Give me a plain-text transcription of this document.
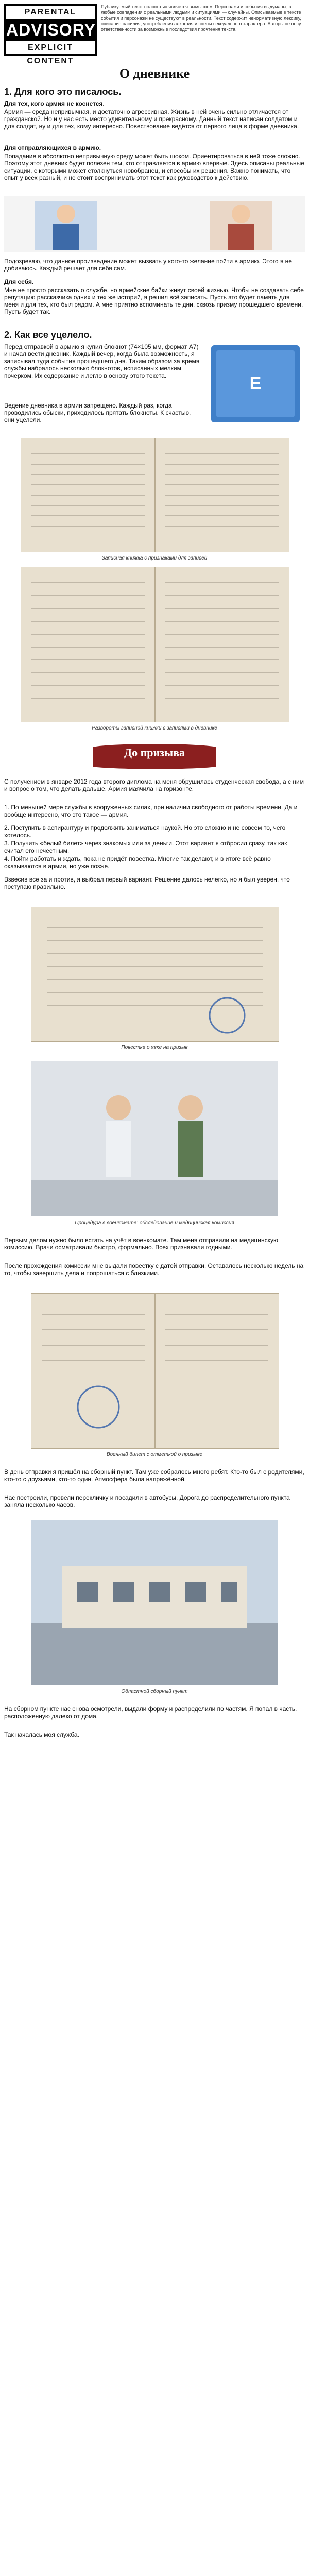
PARENTAL
ADVISORY
EXPLICIT CONTENT
Публикуемый текст полностью является вымыслом. Персонажи и события выдуманы, а любые совпадения с реальными людьми и ситуациями — случайны. Описываемые в тексте события и персонажи не существуют в реальности. Текст содержит ненормативную лексику, описание насилия, употребления алкоголя и сцены сексуального характера. Авторы не несут ответственности за возможные последствия прочтения текста.
О дневнике
1. Для кого это писалось.
Для тех, кого армия не коснется.
Армия — среда непривычная, и достаточно агрессивная. Жизнь в ней очень сильно отличается от гражданской. Но и у нас есть место удивительному и прекрасному. Данный текст написан солдатом и для солдат, ну и для тех, кому интересно. Повествование ведётся от первого лица в форме дневника.
Для отправляющихся в армию.
Попадание в абсолютно непривычную среду может быть шоком. Ориентироваться в ней тоже сложно. Поэтому этот дневник будет полезен тем, кто отправляется в армию впервые. Здесь описаны реальные ситуации, с которыми может столкнуться новобранец, и способы их решения. Важно понимать, что опыт у всех разный, и не стоит воспринимать этот текст как руководство к действию.
Подозреваю, что данное произведение может вызвать у кого-то желание пойти в армию. Этого я не добиваюсь. Каждый решает для себя сам.
Для себя.
Мне не просто рассказать о службе, но армейские байки живут своей жизнью. Чтобы не создавать себе репутацию рассказчика одних и тех же историй, я решил всё записать. Пусть это будет память для меня и для тех, кто был рядом. А мне приятно вспоминать те дни, сквозь призму прошедшего времени. Пусть будет так.
2. Как все уцелело.
Перед отправкой в армию я купил блокнот (74×105 мм, формат А7) и начал вести дневник. Каждый вечер, когда была возможность, я записывал туда события прошедшего дня. Таким образом за время службы набралось несколько блокнотов, исписанных мелким почерком. Их содержание и легло в основу этого текста.	E
Ведение дневника в армии запрещено. Каждый раз, когда проводились обыски, приходилось прятать блокноты. К счастью, они уцелели.
Записная книжка с признаками для записей
Развороты записной книжки с записями в дневнике
До призыва
С получением в январе 2012 года второго диплома на меня обрушилась студенческая свобода, а с ним и вопрос о том, что делать дальше. Армия маячила на горизонте.
1. По меньшей мере службы в вооруженных силах, при наличии свободного от работы времени. Да и вообще интересно, что это такое — армия.
2. Поступить в аспирантуру и продолжить заниматься наукой. Но это сложно и не совсем то, чего хотелось.
3. Получить «белый билет» через знакомых или за деньги. Этот вариант я отбросил сразу, так как считал его нечестным.
4. Пойти работать и ждать, пока не придёт повестка. Многие так делают, и в итоге всё равно оказываются в армии, но уже позже.
Взвесив все за и против, я выбрал первый вариант. Решение далось нелегко, но я был уверен, что поступаю правильно.
Повестка о явке на призыв
Процедура в военкомате: обследование и медицинская комиссия
Первым делом нужно было встать на учёт в военкомате. Там меня отправили на медицинскую комиссию. Врачи осматривали быстро, формально. Всех признавали годными.
После прохождения комиссии мне выдали повестку с датой отправки. Оставалось несколько недель на то, чтобы завершить дела и попрощаться с близкими.
Военный билет с отметкой о призыве
В день отправки я пришёл на сборный пункт. Там уже собралось много ребят. Кто-то был с родителями, кто-то с друзьями, кто-то один. Атмосфера была напряжённой.
Нас построили, провели перекличку и посадили в автобусы. Дорога до распределительного пункта заняла несколько часов.
Областной сборный пункт
На сборном пункте нас снова осмотрели, выдали форму и распределили по частям. Я попал в часть, расположенную далеко от дома.
Так началась моя служба.
